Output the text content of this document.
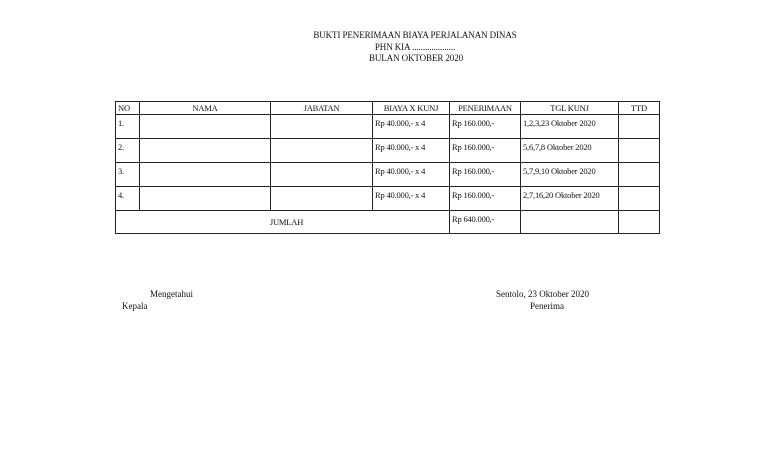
BUKTI PENERIMAAN BIAYA PERJALANAN DINAS
PHN KIA ....................
BULAN OKTOBER 2020
NO	NAMA	JABATAN	BIAYA X KUNJ	PENERIMAAN	TGL KUNJ	TTD
1.			Rp 40.000,- x 4	Rp 160.000,-	1,2,3,23 Oktober 2020	
2.			Rp 40.000,- x 4	Rp 160.000,-	5,6,7,8 Oktober 2020	
3.			Rp 40.000,- x 4	Rp 160.000,-	5,7,9,10 Oktober 2020	
4.			Rp 40.000,- x 4	Rp 160.000,-	2,7,16,20 Oktober 2020	
JUMLAH				Rp 640.000,-		
Mengetahui
Kepala
Sentolo, 23 Oktober 2020
Penerima
